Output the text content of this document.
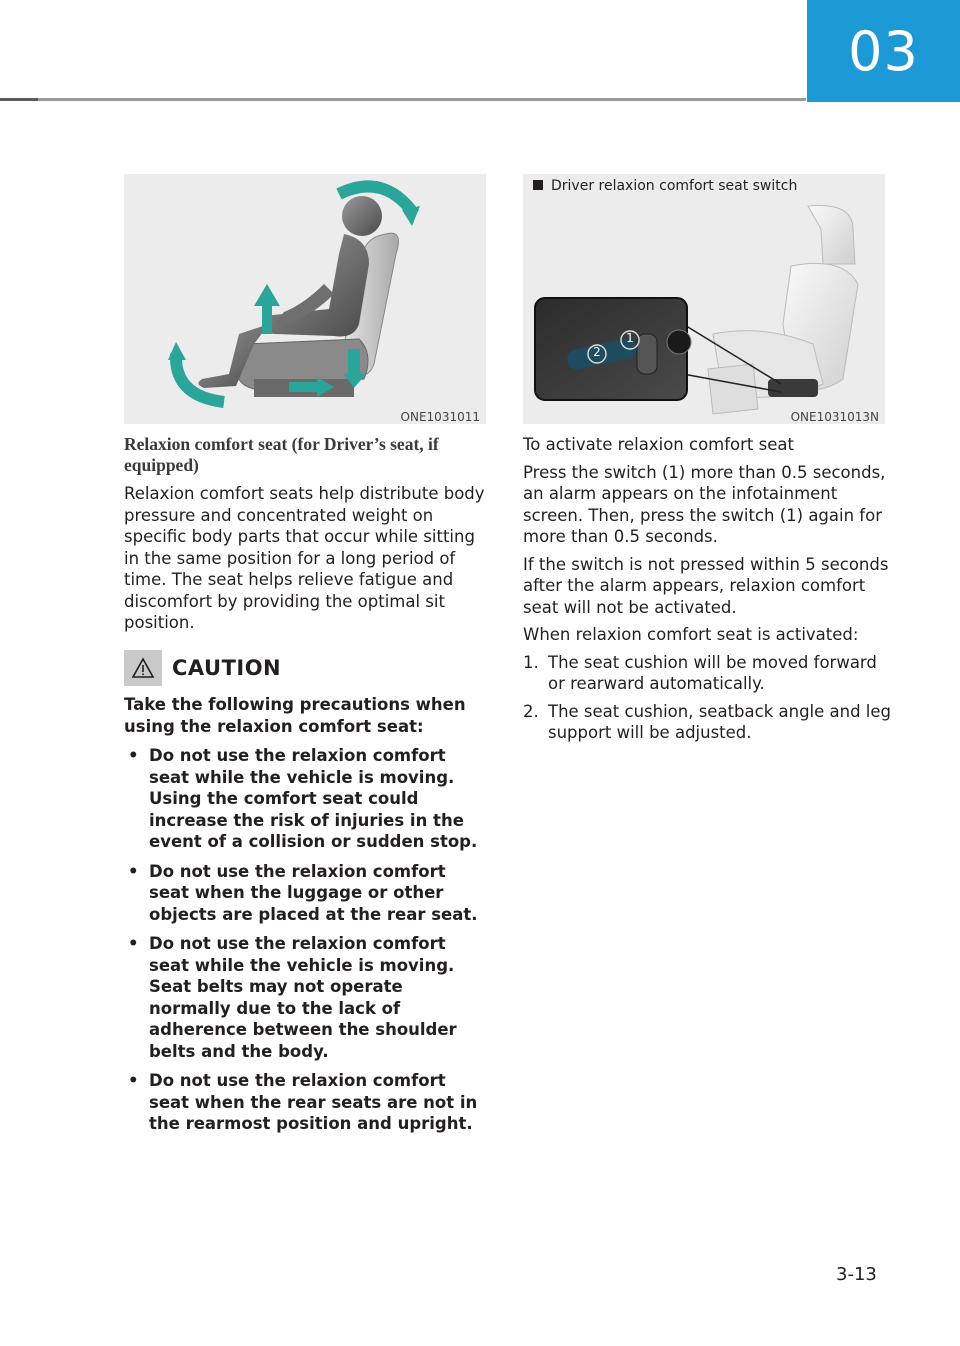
03
ONE1031011
Driver relaxion comfort seat switch
2
1
ONE1031013N
Relaxion comfort seat (for Driver’s seat, if equipped)

Relaxion comfort seats help distribute body pressure and concentrated weight on specific body parts that occur while sitting in the same position for a long period of time. The seat helps relieve fatigue and discomfort by providing the optimal sit position.

CAUTION

Take the following precautions when using the relaxion comfort seat:

• Do not use the relaxion comfort seat while the vehicle is moving. Using the comfort seat could increase the risk of injuries in the event of a collision or sudden stop.
• Do not use the relaxion comfort seat when the luggage or other objects are placed at the rear seat.
• Do not use the relaxion comfort seat while the vehicle is moving. Seat belts may not operate normally due to the lack of adherence between the shoulder belts and the body.
• Do not use the relaxion comfort seat when the rear seats are not in the rearmost position and upright.

To activate relaxion comfort seat

Press the switch (1) more than 0.5 seconds, an alarm appears on the infotainment screen. Then, press the switch (1) again for more than 0.5 seconds.

If the switch is not pressed within 5 seconds after the alarm appears, relaxion comfort seat will not be activated.

When relaxion comfort seat is activated:

1. The seat cushion will be moved forward or rearward automatically.
2. The seat cushion, seatback angle and leg support will be adjusted.
3-13
